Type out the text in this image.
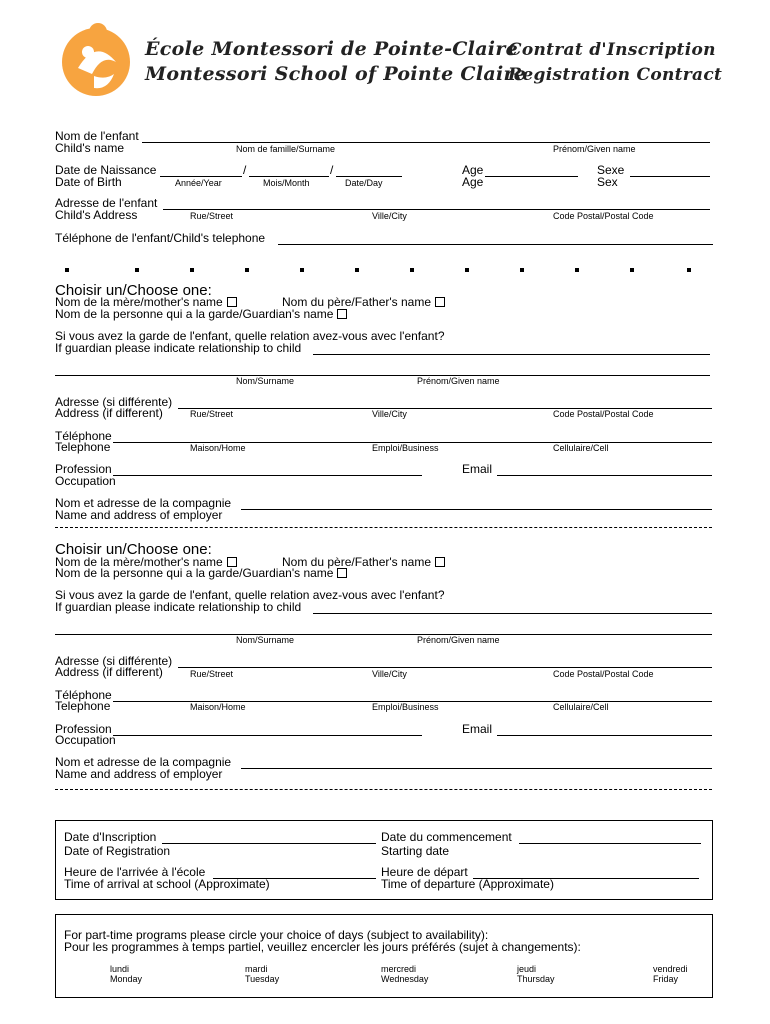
École Montessori de Pointe-Claire
Montessori School of Pointe Claire
Contrat d'Inscription
Registration Contract
Nom de l'enfant
Child's name	Nom de famille/Surname	Prénom/Given name
Date de Naissance	/	/
Date of Birth	Année/Year	Mois/Month	Date/Day
Age
Age
Sexe
Sex
Adresse de l'enfant
Child's Address	Rue/Street	Ville/City	Code Postal/Postal Code
Téléphone de l'enfant/Child's telephone
Choisir un/Choose one:
Nom de la mère/mother's name	Nom du père/Father's name
Nom de la personne qui a la garde/Guardian's name
Si vous avez la garde de l'enfant, quelle relation avez-vous avec l'enfant?
If guardian please indicate relationship to child
Nom/Surname	Prénom/Given name
Adresse (si différente)
Address (if different)	Rue/Street	Ville/City	Code Postal/Postal Code
Téléphone
Telephone	Maison/Home	Emploi/Business	Cellulaire/Cell
Profession
Occupation
Email
Nom et adresse de la compagnie
Name and address of employer
Choisir un/Choose one:
Nom de la mère/mother's name	Nom du père/Father's name
Nom de la personne qui a la garde/Guardian's name
Si vous avez la garde de l'enfant, quelle relation avez-vous avec l'enfant?
If guardian please indicate relationship to child
Nom/Surname	Prénom/Given name
Adresse (si différente)
Address (if different)	Rue/Street	Ville/City	Code Postal/Postal Code
Téléphone
Telephone	Maison/Home	Emploi/Business	Cellulaire/Cell
Profession
Occupation
Email
Nom et adresse de la compagnie
Name and address of employer
Date d'Inscription
Date of Registration
Date du commencement
Starting date
Heure de l'arrivée à l'école
Time of arrival at school (Approximate)
Heure de départ
Time of departure (Approximate)
For part-time programs please circle your choice of days (subject to availability):
Pour les programmes à temps partiel, veuillez encercler les jours préférés (sujet à changements):
lundi
Monday
mardi
Tuesday
mercredi
Wednesday
jeudi
Thursday
vendredi
Friday
